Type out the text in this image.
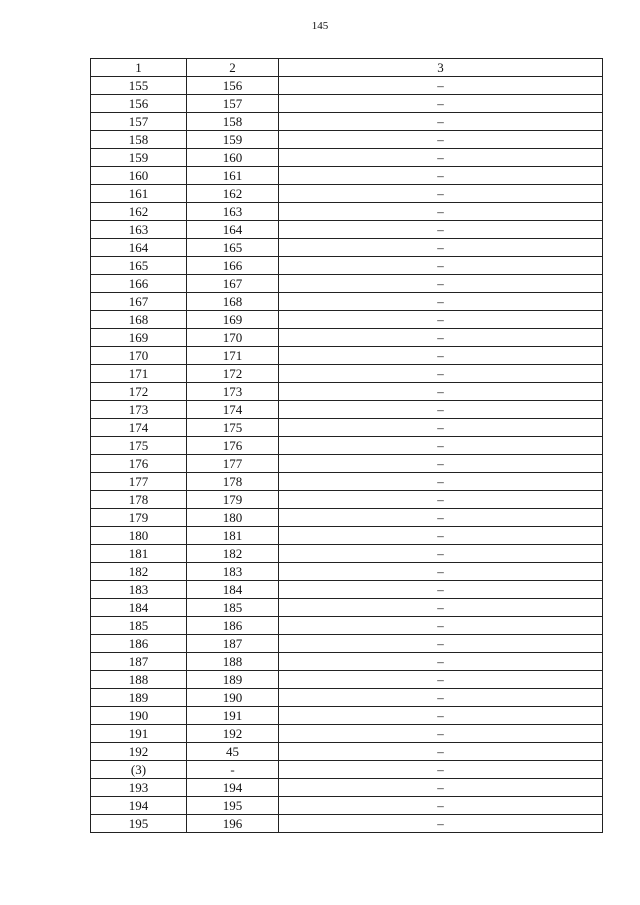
145
1	2	3
155	156	–
156	157	–
157	158	–
158	159	–
159	160	–
160	161	–
161	162	–
162	163	–
163	164	–
164	165	–
165	166	–
166	167	–
167	168	–
168	169	–
169	170	–
170	171	–
171	172	–
172	173	–
173	174	–
174	175	–
175	176	–
176	177	–
177	178	–
178	179	–
179	180	–
180	181	–
181	182	–
182	183	–
183	184	–
184	185	–
185	186	–
186	187	–
187	188	–
188	189	–
189	190	–
190	191	–
191	192	–
192	45	–
(3)	-	–
193	194	–
194	195	–
195	196	–
